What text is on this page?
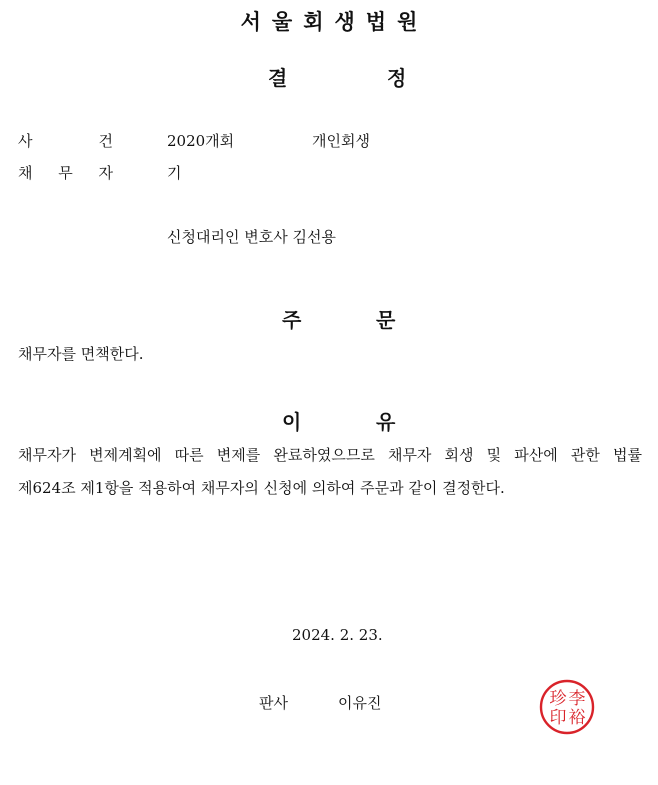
서울회생법원
결	정
사 건	2020개회	개인회생
채 무 자	기
신청대리인 변호사 김선용
주	문
채무자를 면책한다.
이	유
채무자가 변제계획에 따른 변제를 완료하였으므로 채무자 회생 및 파산에 관한 법률
제624조 제1항을 적용하여 채무자의 신청에 의하여 주문과 같이 결정한다.
2024. 2. 23.
판사	이유진	珍 李
印 裕
